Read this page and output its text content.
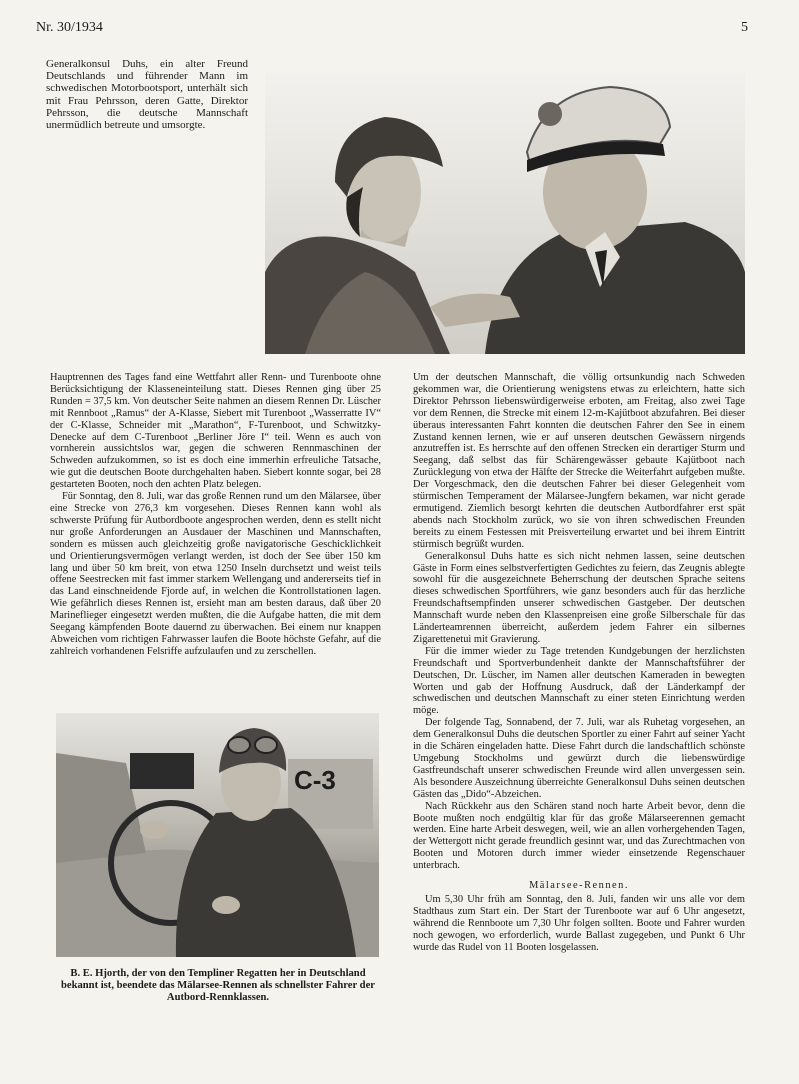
Nr. 30/1934	5
Generalkonsul Duhs, ein alter Freund Deutschlands und führender Mann im schwedischen Motorbootsport, unterhält sich mit Frau Pehrsson, deren Gatte, Direktor Pehrsson, die deutsche Mannschaft unermüdlich betreute und umsorgte.

Hauptrennen des Tages fand eine Wettfahrt aller Renn- und Turenboote ohne Berücksichtigung der Klasseneinteilung statt. Dieses Rennen ging über 25 Runden = 37,5 km. Von deutscher Seite nahmen an diesem Rennen Dr. Lüscher mit Rennboot „Ramus“ der A-Klasse, Siebert mit Turenboot „Wasserratte IV“ der C-Klasse, Schneider mit „Marathon“, F-Turenboot, und Schwitzky-Denecke auf dem C-Turenboot „Berliner Jöre I“ teil. Wenn es auch von vornherein aussichtslos war, gegen die schweren Rennmaschinen der Schweden aufzukommen, so ist es doch eine immerhin erfreuliche Tatsache, wie gut die deutschen Boote durchgehalten haben. Siebert konnte sogar, bei 28 gestarteten Booten, noch den achten Platz belegen.

Für Sonntag, den 8. Juli, war das große Rennen rund um den Mälarsee, über eine Strecke von 276,3 km vorgesehen. Dieses Rennen kann wohl als schwerste Prüfung für Autbordboote angesprochen werden, denn es stellt nicht nur große Anforderungen an Ausdauer der Maschinen und Mannschaften, sondern es müssen auch gleichzeitig große navigatorische Geschicklichkeit und Orientierungsvermögen verlangt werden, ist doch der See über 150 km lang und über 50 km breit, von etwa 1250 Inseln durchsetzt und weist teils offene Seestrecken mit fast immer starkem Wellengang und andererseits tief in das Land einschneidende Fjorde auf, in welchen die Kontrollstationen lagen. Wie gefährlich dieses Rennen ist, ersieht man am besten daraus, daß über 20 Marineflieger eingesetzt werden mußten, die die Aufgabe hatten, die mit dem Seegang kämpfenden Boote dauernd zu überwachen. Bei einem nur knappen Abweichen vom richtigen Fahrwasser laufen die Boote höchste Gefahr, auf die zahlreich vorhandenen Felsriffe aufzulaufen und zu zerschellen.

C-3
B. E. Hjorth, der von den Templiner Regatten her in Deutschland bekannt ist, beendete das Mälarsee-Rennen als schnellster Fahrer der Autbord-Rennklassen.

Um der deutschen Mannschaft, die völlig ortsunkundig nach Schweden gekommen war, die Orientierung wenigstens etwas zu erleichtern, hatte sich Direktor Pehrsson liebenswürdigerweise erboten, am Freitag, also zwei Tage vor dem Rennen, die Strecke mit einem 12-m-Kajütboot abzufahren. Bei dieser überaus interessanten Fahrt konnten die deutschen Fahrer den See in einem Zustand kennen lernen, wie er auf unseren deutschen Gewässern nirgends anzutreffen ist. Es herrschte auf den offenen Strecken ein derartiger Sturm und Seegang, daß selbst das für Schärengewässer gebaute Kajütboot nach Zurücklegung von etwa der Hälfte der Strecke die Weiterfahrt aufgeben mußte. Der Vorgeschmack, den die deutschen Fahrer bei dieser Gelegenheit vom stürmischen Temperament der Mälarsee-Jungfern bekamen, war nicht gerade ermutigend. Ziemlich besorgt kehrten die deutschen Autbordfahrer erst spät abends nach Stockholm zurück, wo sie von ihren schwedischen Freunden bereits zu einem Festessen mit Preisverteilung erwartet und bei ihrem Eintritt stürmisch begrüßt wurden.

Generalkonsul Duhs hatte es sich nicht nehmen lassen, seine deutschen Gäste in Form eines selbstverfertigten Gedichtes zu feiern, das Zeugnis ablegte sowohl für die ausgezeichnete Beherrschung der deutschen Sprache seitens dieses schwedischen Sportführers, wie ganz besonders auch für das herzliche Freundschaftsempfinden unserer schwedischen Gastgeber. Der deutschen Mannschaft wurde neben den Klassenpreisen eine große Silberschale für das Länderteamrennen überreicht, außerdem jedem Fahrer ein silbernes Zigarettenetui mit Gravierung.

Für die immer wieder zu Tage tretenden Kundgebungen der herzlichsten Freundschaft und Sportverbundenheit dankte der Mannschaftsführer der Deutschen, Dr. Lüscher, im Namen aller deutschen Kameraden in bewegten Worten und gab der Hoffnung Ausdruck, daß der Länderkampf der schwedischen und deutschen Mannschaft zu einer steten Einrichtung werden möge.

Der folgende Tag, Sonnabend, der 7. Juli, war als Ruhetag vorgesehen, an dem Generalkonsul Duhs die deutschen Sportler zu einer Fahrt auf seiner Yacht in die Schären eingeladen hatte. Diese Fahrt durch die landschaftlich schönste Umgebung Stockholms und gewürzt durch die liebenswürdige Gastfreundschaft unserer schwedischen Freunde wird allen unvergessen sein. Als besondere Auszeichnung überreichte Generalkonsul Duhs seinen deutschen Gästen das „Dido“-Abzeichen.

Nach Rückkehr aus den Schären stand noch harte Arbeit bevor, denn die Boote mußten noch endgültig klar für das große Mälarseerennen gemacht werden. Eine harte Arbeit deswegen, weil, wie an allen vorhergehenden Tagen, der Wettergott nicht gerade freundlich gesinnt war, und das Zurechtmachen von Booten und Motoren durch immer wieder einsetzende Regenschauer unterbrach.

Mälarsee-Rennen.

Um 5,30 Uhr früh am Sonntag, den 8. Juli, fanden wir uns alle vor dem Stadthaus zum Start ein. Der Start der Turenboote war auf 6 Uhr angesetzt, während die Rennboote um 7,30 Uhr folgen sollten. Boote und Fahrer wurden noch gewogen, wo erforderlich, wurde Ballast zugegeben, und Punkt 6 Uhr wurde das Rudel von 11 Booten losgelassen.
